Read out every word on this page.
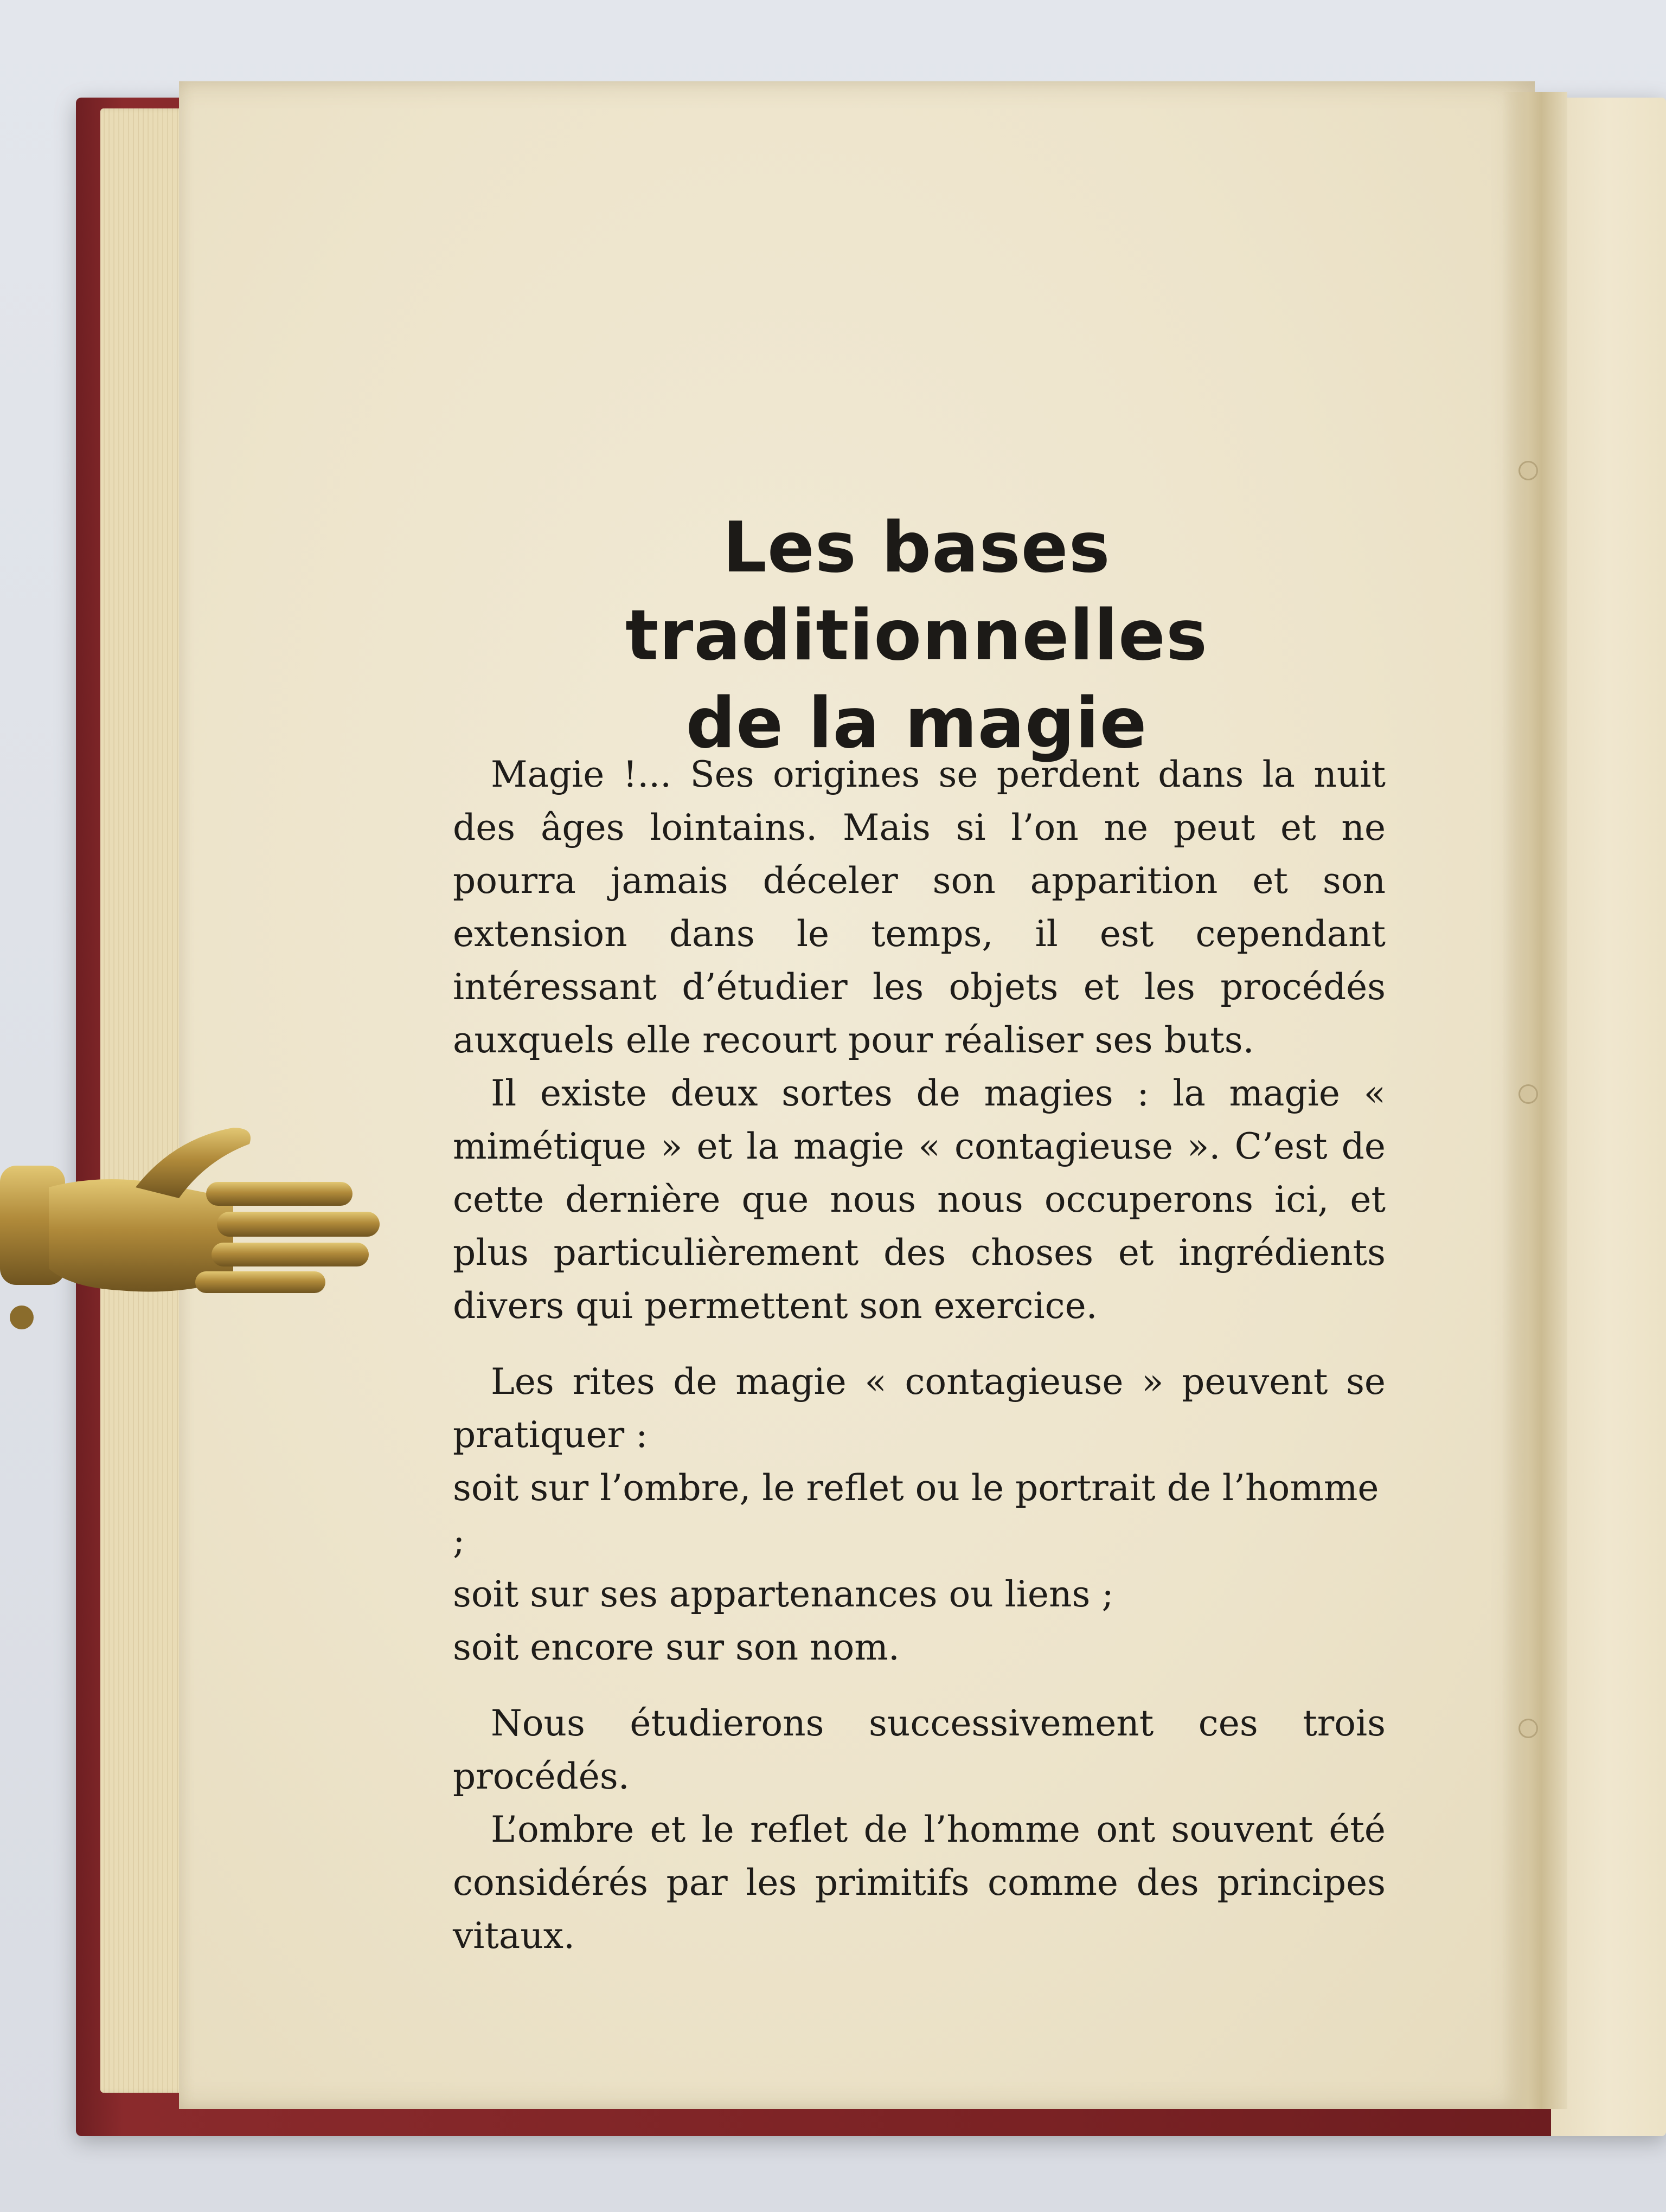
Les bases traditionnelles
de la magie

Magie !... Ses origines se perdent dans la nuit des âges lointains. Mais si l’on ne peut et ne pourra jamais déceler son apparition et son extension dans le temps, il est cependant intéressant d’étudier les objets et les procédés auxquels elle recourt pour réaliser ses buts.

Il existe deux sortes de magies : la magie « mimétique » et la magie « contagieuse ». C’est de cette dernière que nous nous occuperons ici, et plus particulièrement des choses et ingrédients divers qui permettent son exercice.

Les rites de magie « contagieuse » peuvent se pratiquer :

soit sur l’ombre, le reflet ou le portrait de l’homme ;

soit sur ses appartenances ou liens ;

soit encore sur son nom.

Nous étudierons successivement ces trois procédés.

L’ombre et le reflet de l’homme ont souvent été considérés par les primitifs comme des principes vitaux.
